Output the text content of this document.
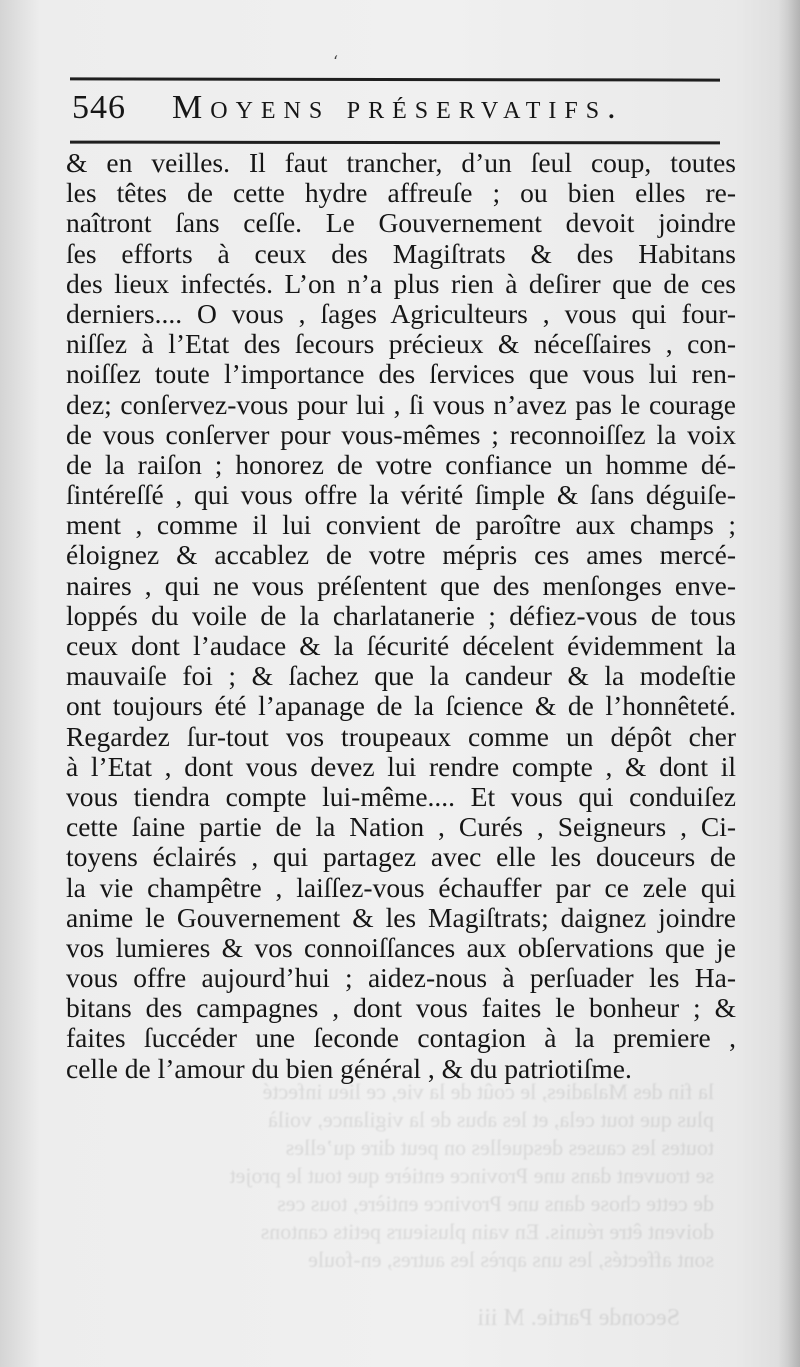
ʻ
546 Moyens préservatifs.
& en veilles. Il faut trancher, d’un ſeul coup, toutes
les têtes de cette hydre affreuſe ; ou bien elles re-
naîtront ſans ceſſe. Le Gouvernement devoit joindre
ſes efforts à ceux des Magiſtrats & des Habitans
des lieux infectés. L’on n’a plus rien à deſirer que de ces
derniers.... O vous , ſages Agriculteurs , vous qui four-
niſſez à l’Etat des ſecours précieux & néceſſaires , con-
noiſſez toute l’importance des ſervices que vous lui ren-
dez; conſervez-vous pour lui , ſi vous n’avez pas le courage
de vous conſerver pour vous-mêmes ; reconnoiſſez la voix
de la raiſon ; honorez de votre confiance un homme dé-
ſintéreſſé , qui vous offre la vérité ſimple & ſans déguiſe-
ment , comme il lui convient de paroître aux champs ;
éloignez & accablez de votre mépris ces ames mercé-
naires , qui ne vous préſentent que des menſonges enve-
loppés du voile de la charlatanerie ; défiez-vous de tous
ceux dont l’audace & la ſécurité décelent évidemment la
mauvaiſe foi ; & ſachez que la candeur & la modeſtie
ont toujours été l’apanage de la ſcience & de l’honnêteté.
Regardez ſur-tout vos troupeaux comme un dépôt cher
à l’Etat , dont vous devez lui rendre compte , & dont il
vous tiendra compte lui-même.... Et vous qui conduiſez
cette ſaine partie de la Nation , Curés , Seigneurs , Ci-
toyens éclairés , qui partagez avec elle les douceurs de
la vie champêtre , laiſſez-vous échauffer par ce zele qui
anime le Gouvernement & les Magiſtrats; daignez joindre
vos lumieres & vos connoiſſances aux obſervations que je
vous offre aujourd’hui ; aidez-nous à perſuader les Ha-
bitans des campagnes , dont vous faites le bonheur ; &
faites ſuccéder une ſeconde contagion à la premiere ,
celle de l’amour du bien général , & du patriotiſme.
la fin des Maladies, le coût de la vie, ce lieu infecté
plus que tout cela, et les abus de la vigilance, voilà
toutes les causes desquelles on peut dire qu’elles
se trouvent dans une Province entière que tout le projet
de cette chose dans une Province entière, tous ces
doivent être réunis. En vain plusieurs petits cantons
sont affectés, les uns après les autres, en-foule
Seconde Partie. M iii
